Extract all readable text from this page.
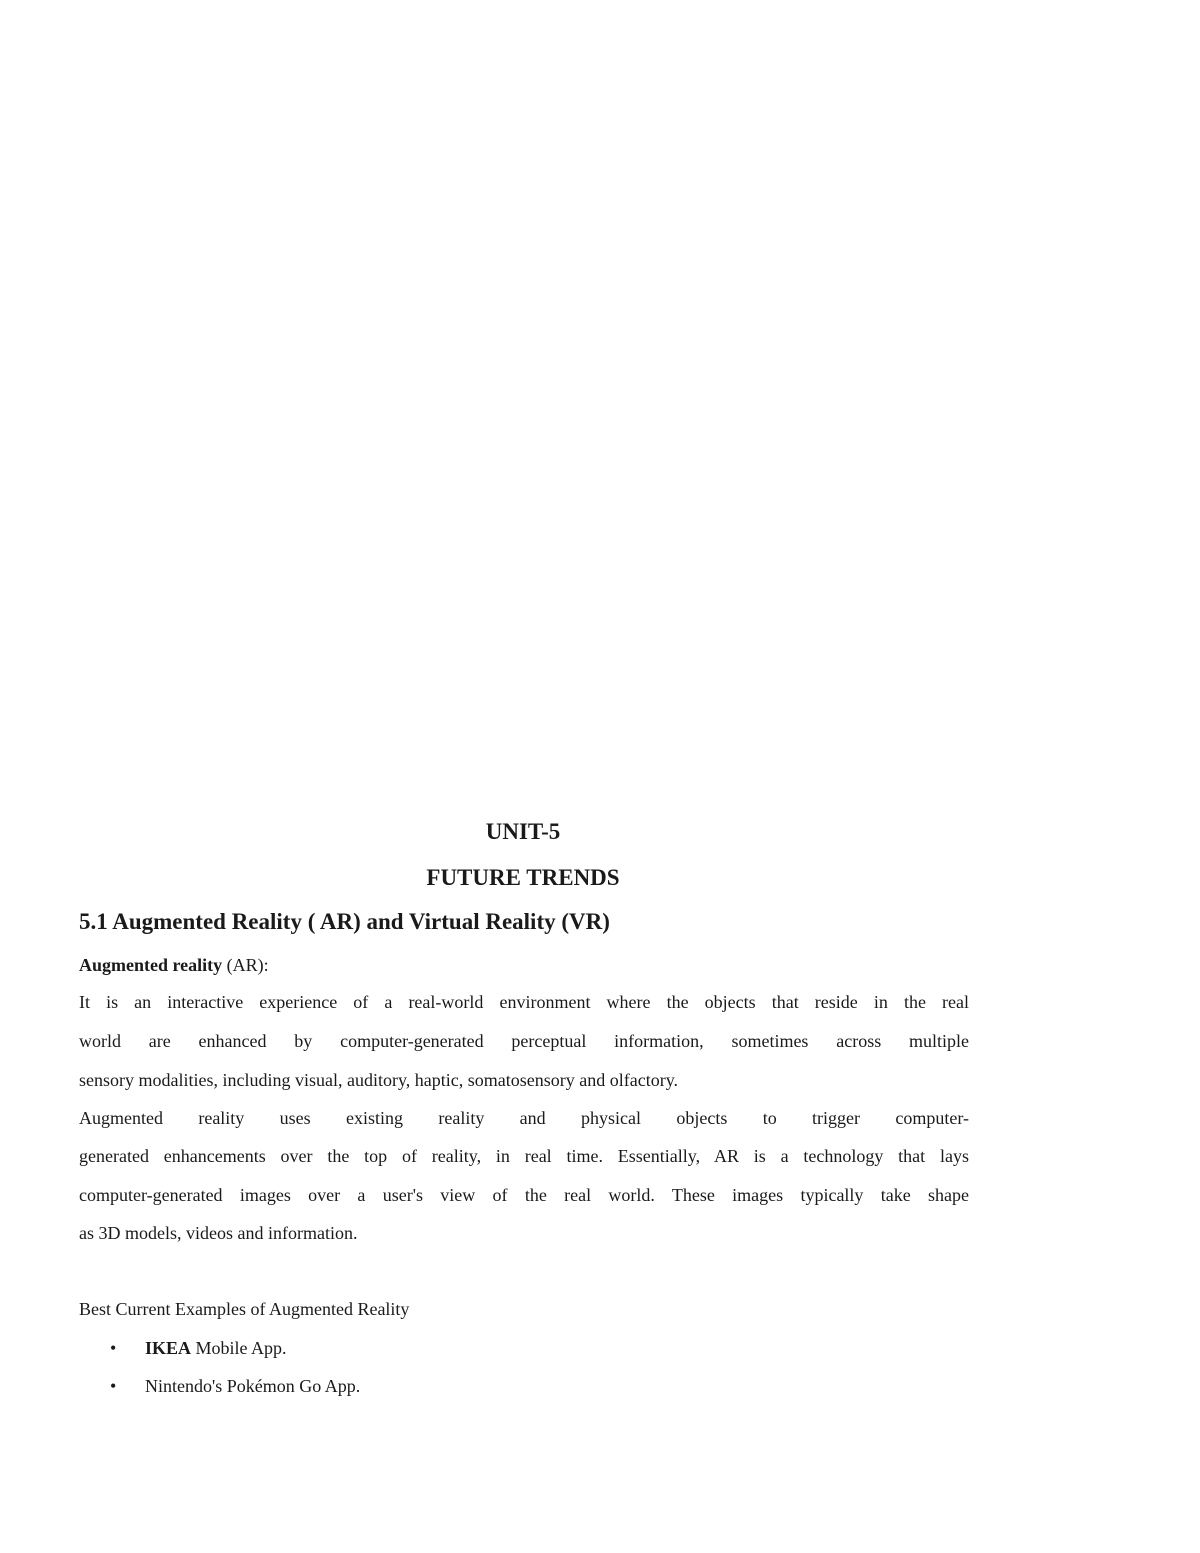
UNIT-5
FUTURE TRENDS
5.1 Augmented Reality ( AR) and Virtual Reality (VR)
Augmented reality (AR):
It is an interactive experience of a real-world environment where the objects that reside in the real
world are enhanced by computer-generated perceptual information, sometimes across multiple
sensory modalities, including visual, auditory, haptic, somatosensory and olfactory.
Augmented reality uses existing reality and physical objects to trigger computer-
generated enhancements over the top of reality, in real time. Essentially, AR is a technology that lays
computer-generated images over a user's view of the real world. These images typically take shape
as 3D models, videos and information.
Best Current Examples of Augmented Reality
• IKEA Mobile App.
• Nintendo's Pokémon Go App.
